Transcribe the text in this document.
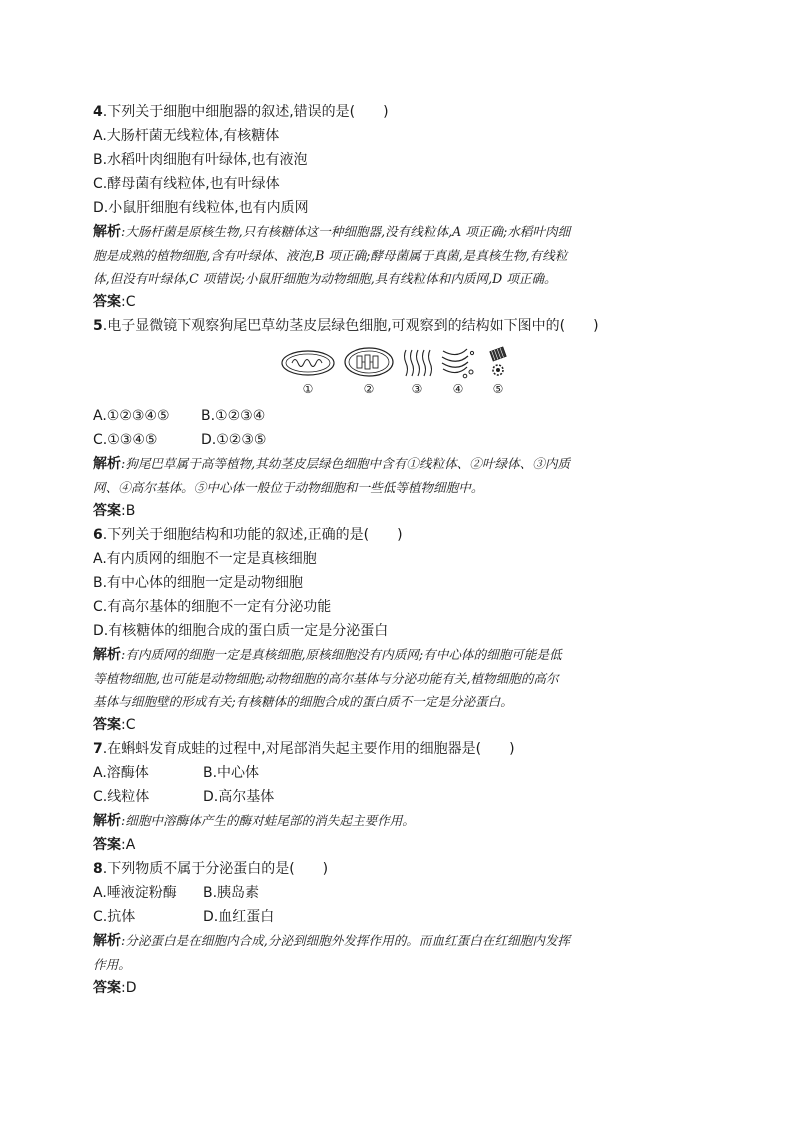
4.下列关于细胞中细胞器的叙述,错误的是(　　)
A.大肠杆菌无线粒体,有核糖体
B.水稻叶肉细胞有叶绿体,也有液泡
C.酵母菌有线粒体,也有叶绿体
D.小鼠肝细胞有线粒体,也有内质网
解析:大肠杆菌是原核生物,只有核糖体这一种细胞器,没有线粒体,A 项正确;水稻叶肉细
胞是成熟的植物细胞,含有叶绿体、液泡,B 项正确;酵母菌属于真菌,是真核生物,有线粒
体,但没有叶绿体,C 项错误;小鼠肝细胞为动物细胞,具有线粒体和内质网,D 项正确。
答案:C
5.电子显微镜下观察狗尾巴草幼茎皮层绿色细胞,可观察到的结构如下图中的(　　)
①	②	③	④	⑤
A.①②③④⑤	B.①②③④
C.①③④⑤	D.①②③⑤
解析:狗尾巴草属于高等植物,其幼茎皮层绿色细胞中含有①线粒体、②叶绿体、③内质
网、④高尔基体。⑤中心体一般位于动物细胞和一些低等植物细胞中。
答案:B
6.下列关于细胞结构和功能的叙述,正确的是(　　)
A.有内质网的细胞不一定是真核细胞
B.有中心体的细胞一定是动物细胞
C.有高尔基体的细胞不一定有分泌功能
D.有核糖体的细胞合成的蛋白质一定是分泌蛋白
解析:有内质网的细胞一定是真核细胞,原核细胞没有内质网;有中心体的细胞可能是低
等植物细胞,也可能是动物细胞;动物细胞的高尔基体与分泌功能有关,植物细胞的高尔
基体与细胞壁的形成有关;有核糖体的细胞合成的蛋白质不一定是分泌蛋白。
答案:C
7.在蝌蚪发育成蛙的过程中,对尾部消失起主要作用的细胞器是(　　)
A.溶酶体	B.中心体
C.线粒体	D.高尔基体
解析:细胞中溶酶体产生的酶对蛙尾部的消失起主要作用。
答案:A
8.下列物质不属于分泌蛋白的是(　　)
A.唾液淀粉酶	B.胰岛素
C.抗体	D.血红蛋白
解析:分泌蛋白是在细胞内合成,分泌到细胞外发挥作用的。而血红蛋白在红细胞内发挥
作用。
答案:D
